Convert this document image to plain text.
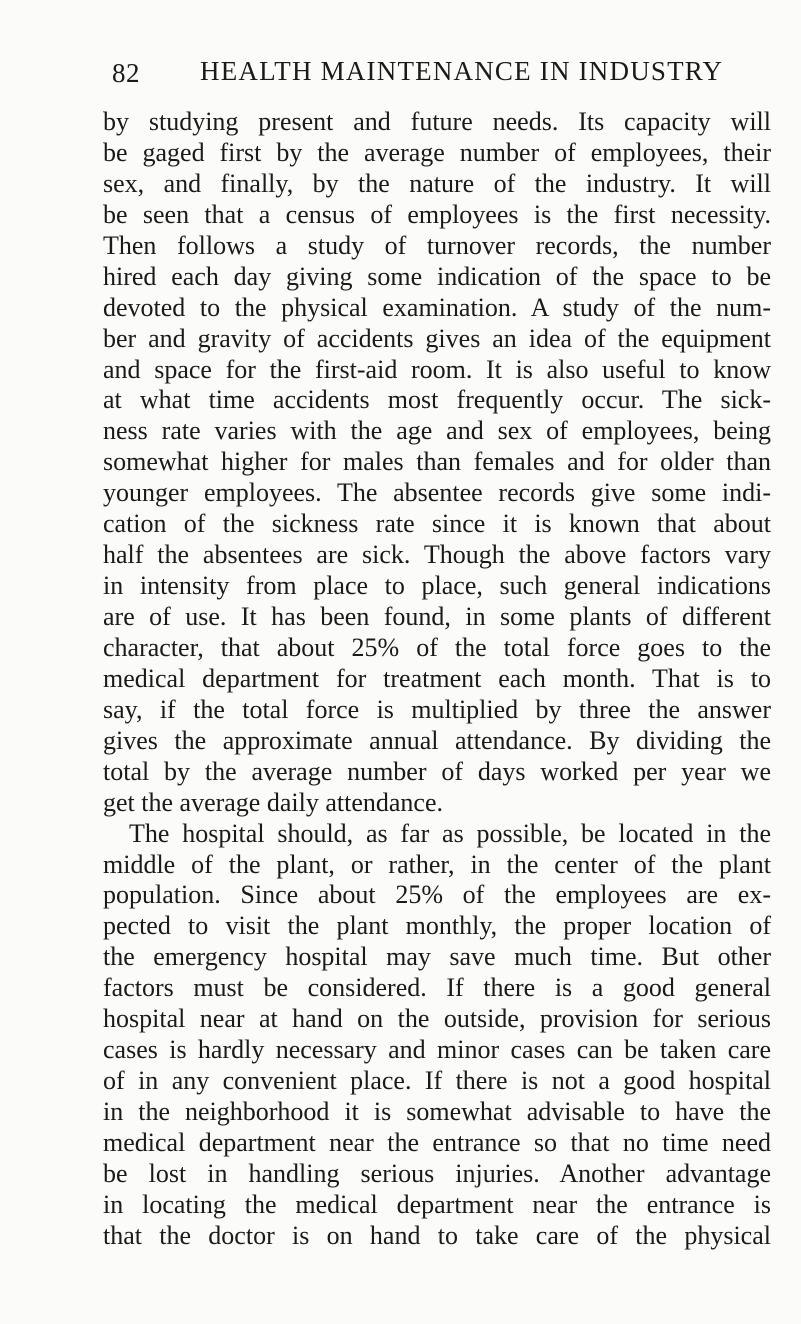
82 HEALTH MAINTENANCE IN INDUSTRY
by studying present and future needs. Its capacity will
be gaged first by the average number of employees, their
sex, and finally, by the nature of the industry. It will
be seen that a census of employees is the first necessity.
Then follows a study of turnover records, the number
hired each day giving some indication of the space to be
devoted to the physical examination. A study of the num-
ber and gravity of accidents gives an idea of the equipment
and space for the first-aid room. It is also useful to know
at what time accidents most frequently occur. The sick-
ness rate varies with the age and sex of employees, being
somewhat higher for males than females and for older than
younger employees. The absentee records give some indi-
cation of the sickness rate since it is known that about
half the absentees are sick. Though the above factors vary
in intensity from place to place, such general indications
are of use. It has been found, in some plants of different
character, that about 25% of the total force goes to the
medical department for treatment each month. That is to
say, if the total force is multiplied by three the answer
gives the approximate annual attendance. By dividing the
total by the average number of days worked per year we
get the average daily attendance.
The hospital should, as far as possible, be located in the
middle of the plant, or rather, in the center of the plant
population. Since about 25% of the employees are ex-
pected to visit the plant monthly, the proper location of
the emergency hospital may save much time. But other
factors must be considered. If there is a good general
hospital near at hand on the outside, provision for serious
cases is hardly necessary and minor cases can be taken care
of in any convenient place. If there is not a good hospital
in the neighborhood it is somewhat advisable to have the
medical department near the entrance so that no time need
be lost in handling serious injuries. Another advantage
in locating the medical department near the entrance is
that the doctor is on hand to take care of the physical
